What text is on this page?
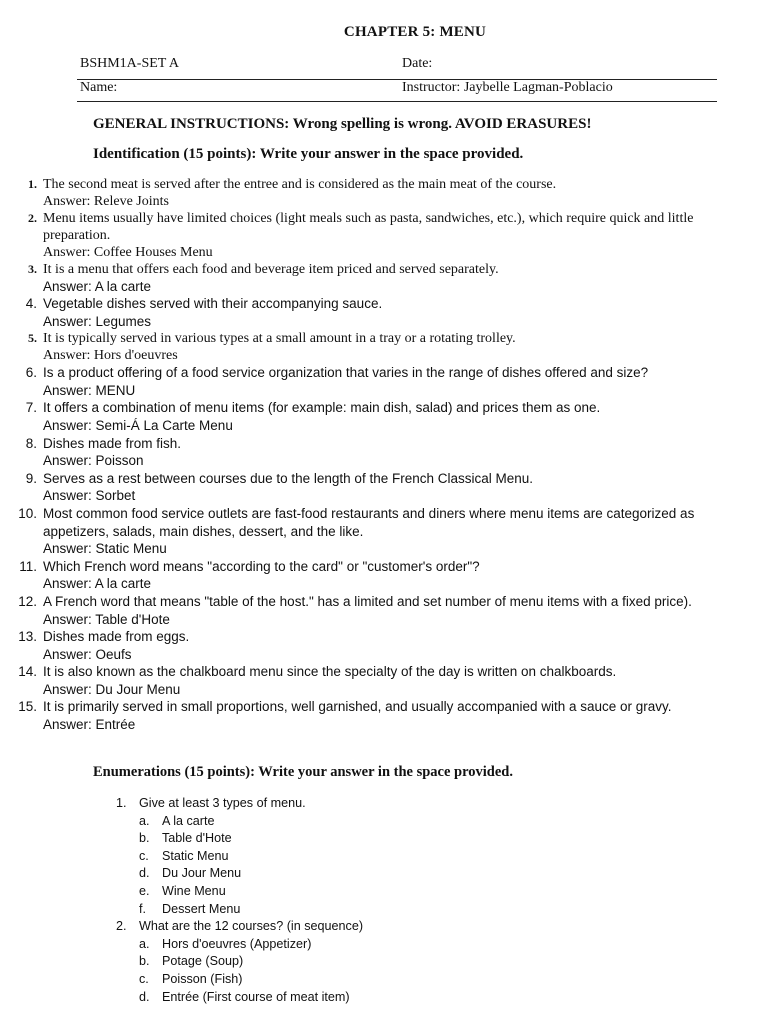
CHAPTER 5: MENU
BSHM1A-SET A	Date:
Name:	Instructor: Jaybelle Lagman-Poblacio
GENERAL INSTRUCTIONS: Wrong spelling is wrong. AVOID ERASURES!
Identification (15 points): Write your answer in the space provided.
1. The second meat is served after the entree and is considered as the main meat of the course.
Answer: Releve Joints
2. Menu items usually have limited choices (light meals such as pasta, sandwiches, etc.), which require quick and little preparation.
Answer: Coffee Houses Menu
3. It is a menu that offers each food and beverage item priced and served separately.
Answer: A la carte
4. Vegetable dishes served with their accompanying sauce.
Answer: Legumes
5. It is typically served in various types at a small amount in a tray or a rotating trolley.
Answer: Hors d'oeuvres
6. Is a product offering of a food service organization that varies in the range of dishes offered and size?
Answer: MENU
7. It offers a combination of menu items (for example: main dish, salad) and prices them as one.
Answer: Semi-Á La Carte Menu
8. Dishes made from fish.
Answer: Poisson
9. Serves as a rest between courses due to the length of the French Classical Menu.
Answer: Sorbet
10. Most common food service outlets are fast-food restaurants and diners where menu items are categorized as appetizers, salads, main dishes, dessert, and the like.
Answer: Static Menu
11. Which French word means "according to the card" or "customer's order"?
Answer: A la carte
12. A French word that means "table of the host." has a limited and set number of menu items with a fixed price).
Answer: Table d'Hote
13. Dishes made from eggs.
Answer: Oeufs
14. It is also known as the chalkboard menu since the specialty of the day is written on chalkboards.
Answer: Du Jour Menu
15. It is primarily served in small proportions, well garnished, and usually accompanied with a sauce or gravy.
Answer: Entrée
Enumerations (15 points): Write your answer in the space provided.
1. Give at least 3 types of menu.
a. A la carte
b. Table d'Hote
c. Static Menu
d. Du Jour Menu
e. Wine Menu
f. Dessert Menu
2. What are the 12 courses? (in sequence)
a. Hors d'oeuvres (Appetizer)
b. Potage (Soup)
c. Poisson (Fish)
d. Entrée (First course of meat item)
